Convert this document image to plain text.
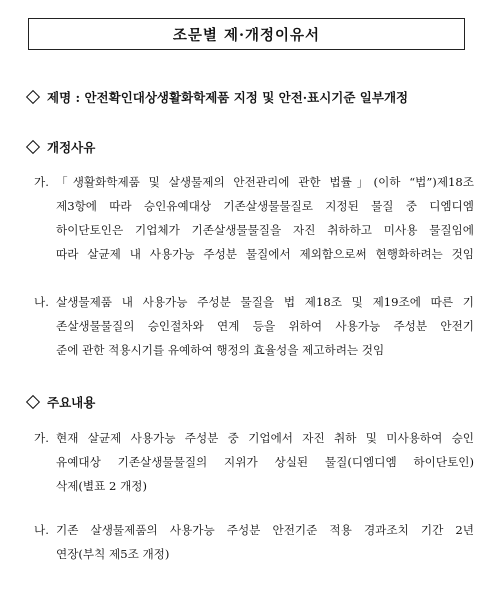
조문별 제·개정이유서
제명 : 안전확인대상생활화학제품 지정 및 안전·표시기준 일부개정
개정사유
가. 「생활화학제품 및 살생물제의 안전관리에 관한 법률」(이하 “법”)제18조
제3항에 따라 승인유예대상 기존살생물물질로 지정된 물질 중 디엠디엠
하이단토인은 기업체가 기존살생물물질을 자진 취하하고 미사용 물질임에
따라 살균제 내 사용가능 주성분 물질에서 제외함으로써 현행화하려는 것임
나. 살생물제품 내 사용가능 주성분 물질을 법 제18조 및 제19조에 따른 기
존살생물물질의 승인절차와 연계 등을 위하여 사용가능 주성분 안전기
준에 관한 적용시기를 유예하여 행정의 효율성을 제고하려는 것임
주요내용
가. 현재 살균제 사용가능 주성분 중 기업에서 자진 취하 및 미사용하여 승인
유예대상 기존살생물물질의 지위가 상실된 물질(디엠디엠 하이단토인)
삭제(별표 2 개정)
나. 기존 살생물제품의 사용가능 주성분 안전기준 적용 경과조치 기간 2년
연장(부칙 제5조 개정)
